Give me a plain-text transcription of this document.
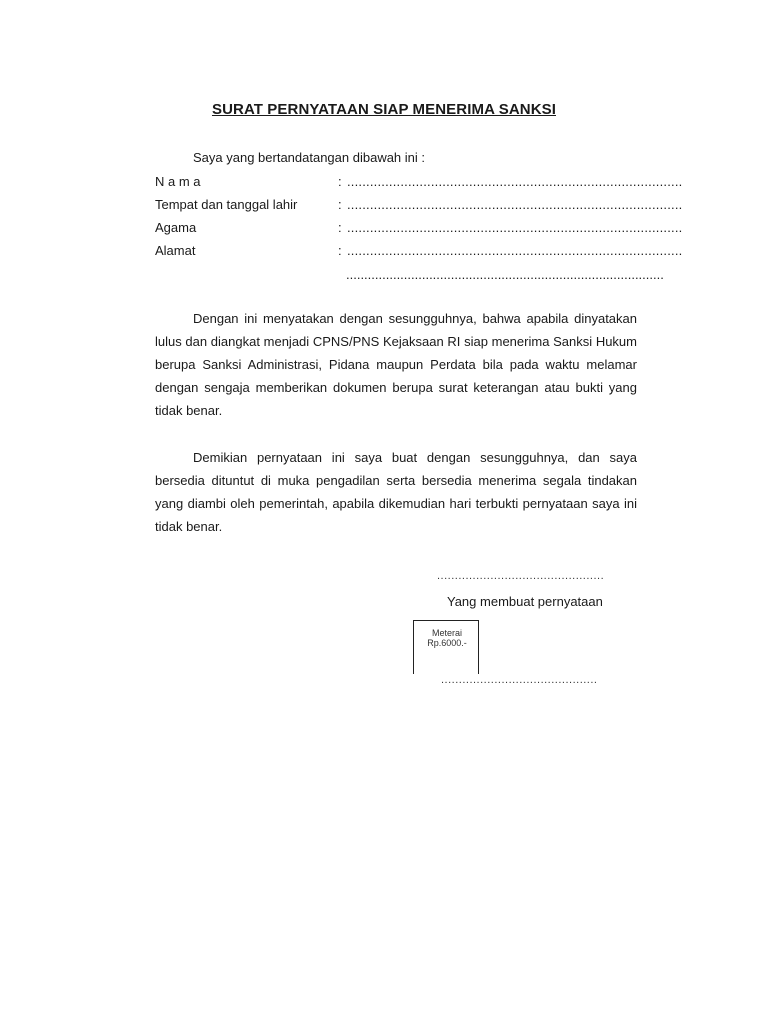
SURAT PERNYATAAN SIAP MENERIMA SANKSI
Saya yang bertandatangan dibawah ini :
N a m a	: ........................................................................................
Tempat dan tanggal lahir	: ........................................................................................
Agama	: ........................................................................................
Alamat	: ........................................................................................
........................................................................................

Dengan ini menyatakan dengan sesungguhnya, bahwa apabila dinyatakan lulus dan diangkat menjadi CPNS/PNS Kejaksaan RI siap menerima Sanksi Hukum berupa Sanksi Administrasi, Pidana maupun Perdata bila pada waktu melamar dengan sengaja memberikan dokumen berupa surat keterangan atau bukti yang tidak benar.

Demikian pernyataan ini saya buat dengan sesungguhnya, dan saya bersedia dituntut di muka pengadilan serta bersedia menerima segala tindakan yang diambi oleh pemerintah, apabila dikemudian hari terbukti pernyataan saya ini tidak benar.

...............................................
Yang membuat pernyataan
Meterai
Rp.6000.-
............................................
